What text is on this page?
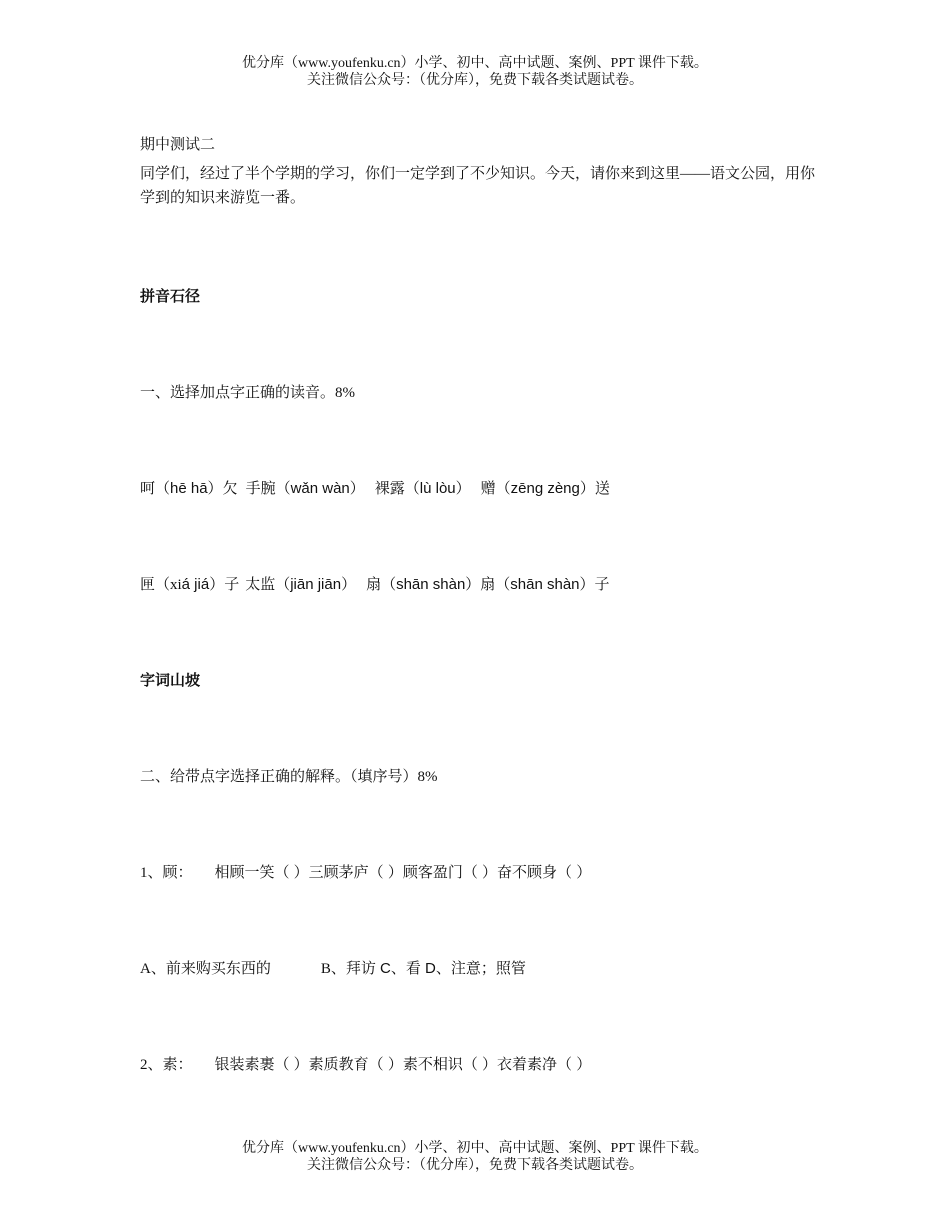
优分库（www.youfenku.cn）小学、初中、高中试题、案例、PPT 课件下载。
关注微信公众号：（优分库），免费下载各类试题试卷。
期中测试二
同学们，经过了半个学期的学习，你们一定学到了不少知识。今天，请你来到这里——语文公园，用你学到的知识来游览一番。
拼音石径
一、选择加点字正确的读音。8%
呵（hē hā）欠 手腕（wǎn wàn） 裸露（lù lòu） 赠（zēng zèng）送
匣（xiá jiá）子 太监（jiān jiān） 扇（shān shàn）扇（shān shàn）子
字词山坡
二、给带点字选择正确的解释。（填序号）8%
1、顾： 相顾一笑（ ）三顾茅庐（ ）顾客盈门（ ）奋不顾身（ ）
A、前来购买东西的	B、拜访 C、看 D、注意；照管
2、素： 银装素裹（ ）素质教育（ ）素不相识（ ）衣着素净（ ）
优分库（www.youfenku.cn）小学、初中、高中试题、案例、PPT 课件下载。
关注微信公众号：（优分库），免费下载各类试题试卷。
